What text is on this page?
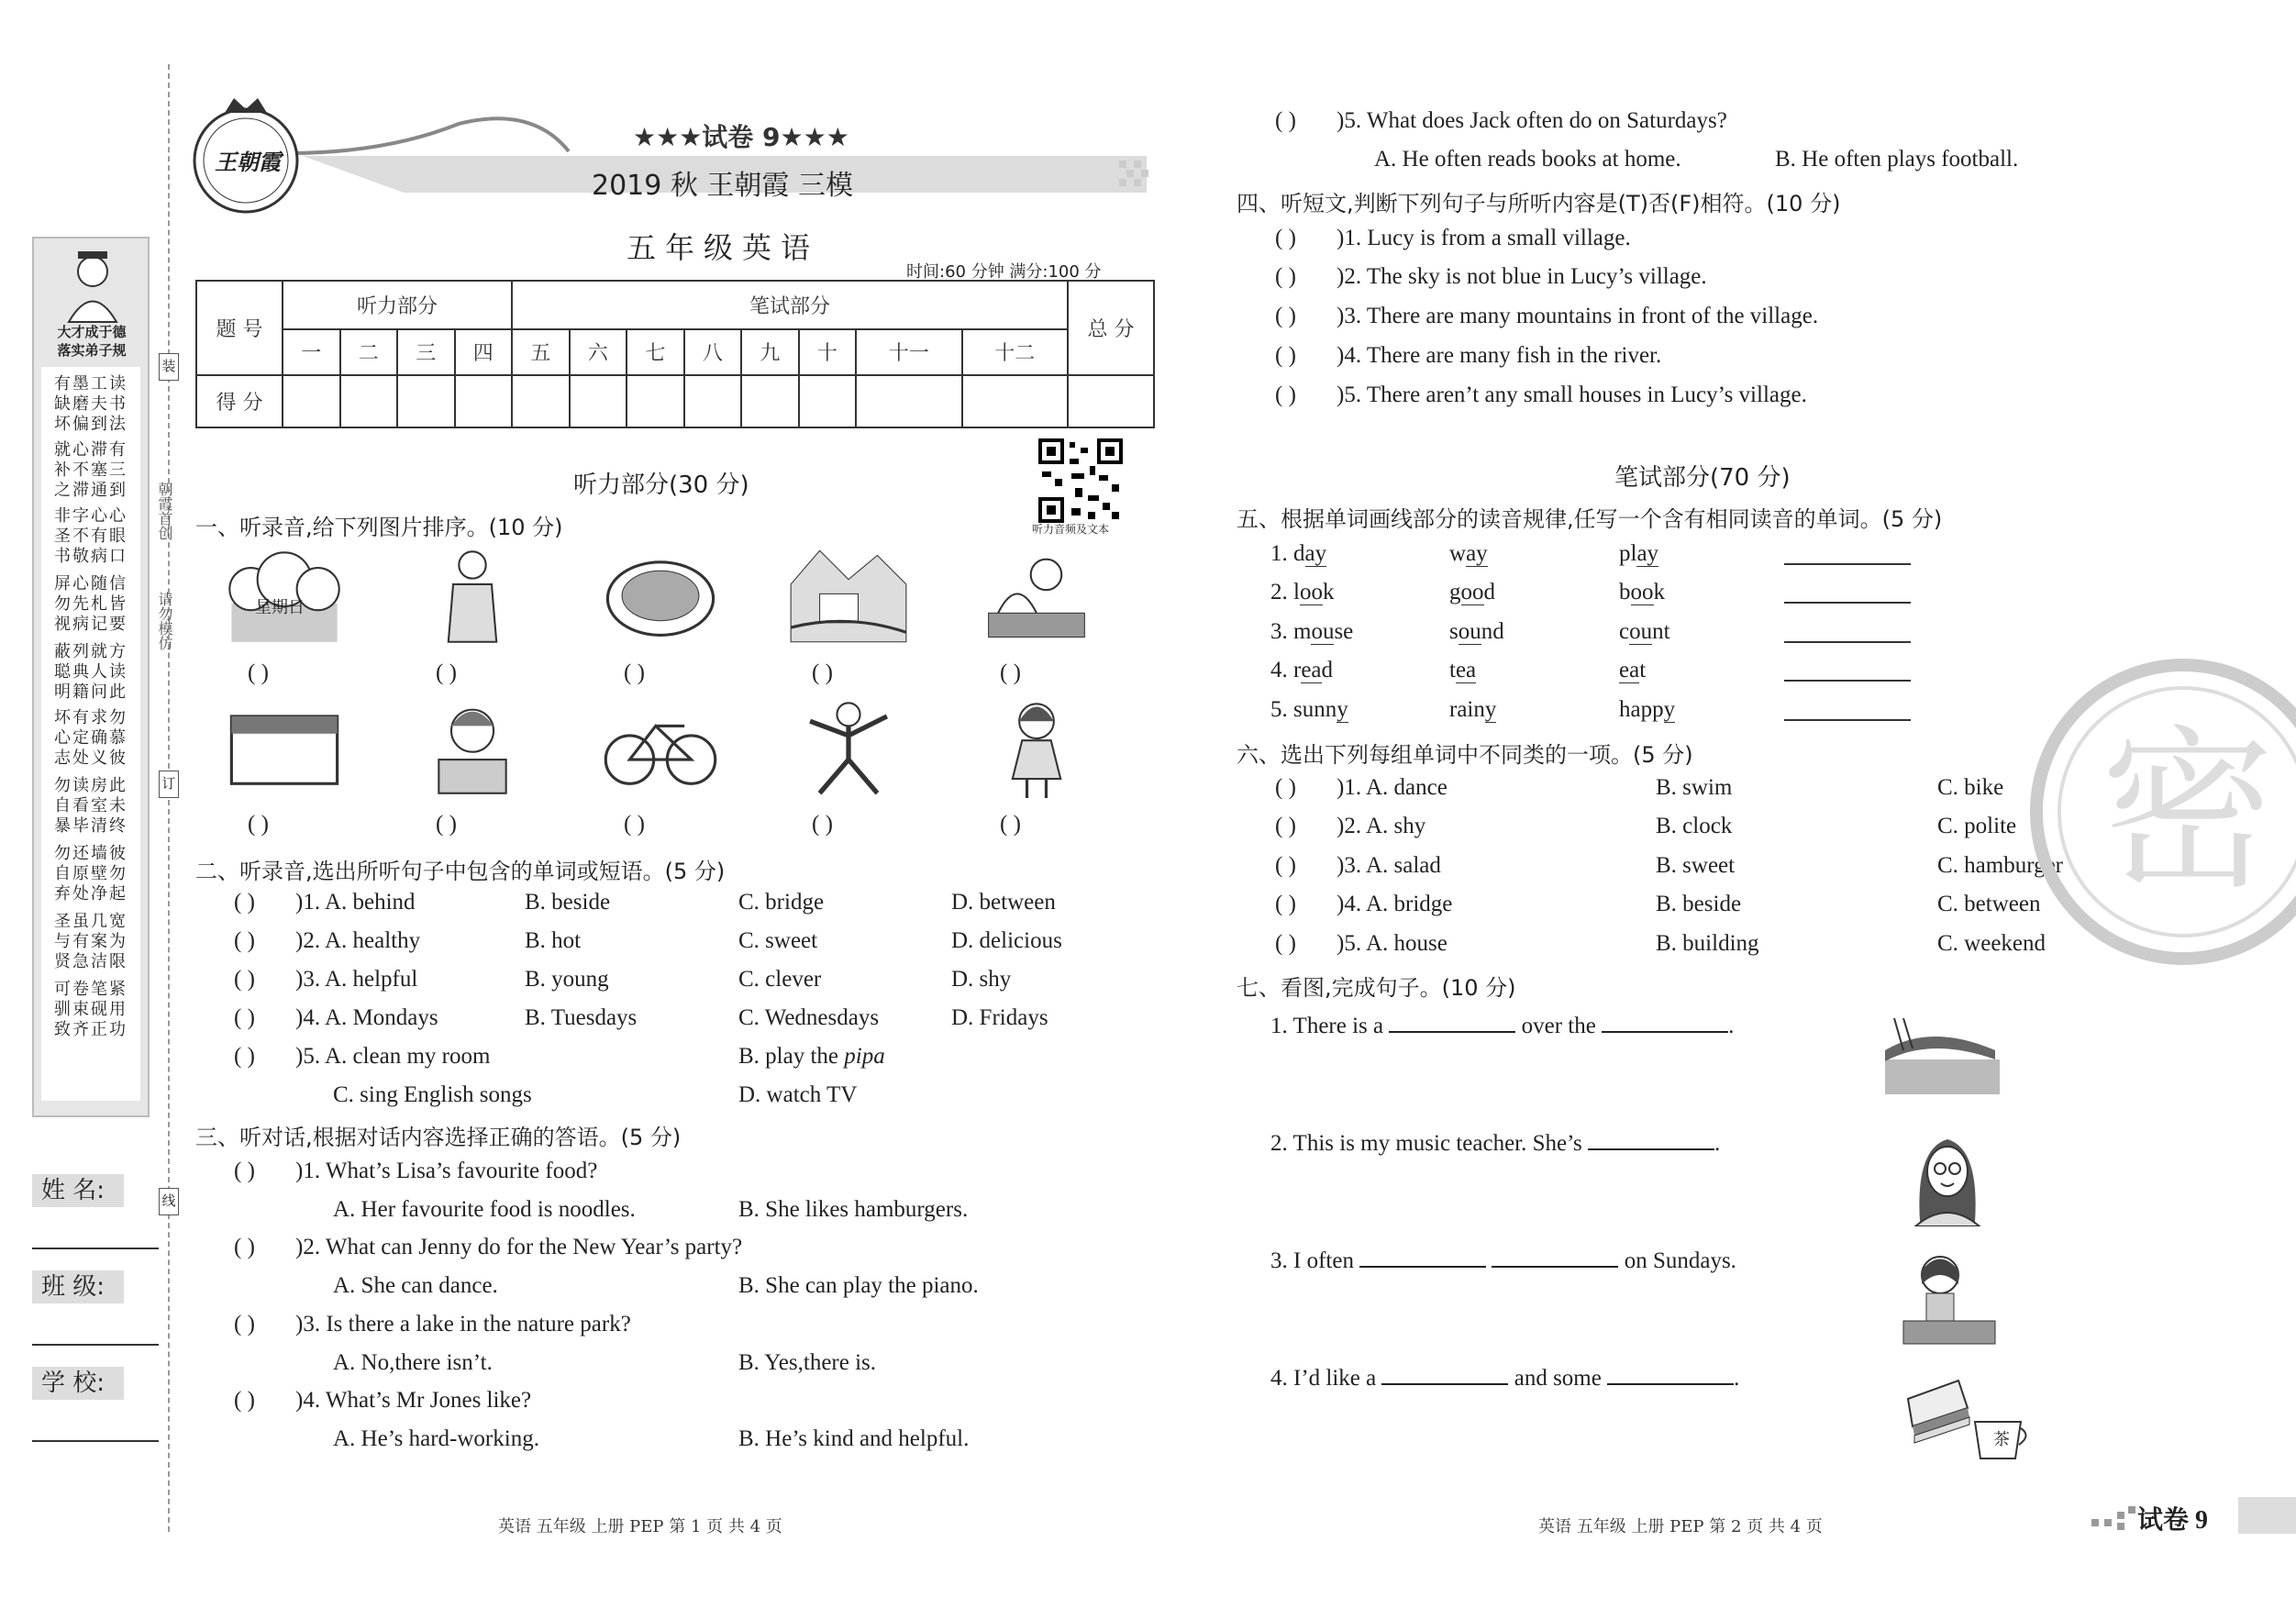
朝霞首创
请勿模仿
装
订
线
大才成于德
落实弟子规
有墨工读
缺磨夫书
坏偏到法
就心滞有
补不塞三
之滞通到
非字心心
圣不有眼
书敬病口
屏心随信
勿先札皆
视病记要
蔽列就方
聪典人读
明籍问此
坏有求勿
心定确慕
志处义彼
勿读房此
自看室未
暴毕清终
勿还墙彼
自原壁勿
弃处净起
圣虽几宽
与有案为
贤急洁限
可卷笔紧
驯束砚用
致齐正功
姓 名:
班 级:
学 校:
王朝霞
★★★试卷 9★★★
2019 秋 王朝霞 三模
五年级英语
时间:60 分钟 满分:100 分
题 号	听力部分				笔试部分								总 分
	一	二	三	四	五	六	七	八	九	十	十一	十二	
得 分													
听力音频及文本
听力部分(30 分)
一、听录音,给下列图片排序。(10 分)
( )	( )	( )	( )	( )
( )	( )	( )	( )	( )
星期日
二、听录音,选出所听句子中包含的单词或短语。(5 分)
( ) )1. A. behind	B. beside	C. bridge	D. between
( ) )2. A. healthy	B. hot	C. sweet	D. delicious
( ) )3. A. helpful	B. young	C. clever	D. shy
( ) )4. A. Mondays	B. Tuesdays	C. Wednesdays	D. Fridays
( ) )5. A. clean my room	B. play the pipa
C. sing English songs	D. watch TV
三、听对话,根据对话内容选择正确的答语。(5 分)
( ) )1. What’s Lisa’s favourite food?
A. Her favourite food is noodles.	B. She likes hamburgers.
( ) )2. What can Jenny do for the New Year’s party?
A. She can dance.	B. She can play the piano.
( ) )3. Is there a lake in the nature park?
A. No,there isn’t.	B. Yes,there is.
( ) )4. What’s Mr Jones like?
A. He’s hard-working.	B. He’s kind and helpful.
英语 五年级 上册 PEP 第 1 页 共 4 页
( ) )5. What does Jack often do on Saturdays?
A. He often reads books at home.	B. He often plays football.
四、听短文,判断下列句子与所听内容是(T)否(F)相符。(10 分)
( ) )1. Lucy is from a small village.
( ) )2. The sky is not blue in Lucy’s village.
( ) )3. There are many mountains in front of the village.
( ) )4. There are many fish in the river.
( ) )5. There aren’t any small houses in Lucy’s village.
笔试部分(70 分)
五、根据单词画线部分的读音规律,任写一个含有相同读音的单词。(5 分)
1. day	way	play
2. look	good	book
3. mouse	sound	count
4. read	tea	eat
5. sunny	rainy	happy
六、选出下列每组单词中不同类的一项。(5 分)
( ) )1. A. dance	B. swim	C. bike
( ) )2. A. shy	B. clock	C. polite
( ) )3. A. salad	B. sweet	C. hamburger
( ) )4. A. bridge	B. beside	C. between
( ) )5. A. house	B. building	C. weekend
七、看图,完成句子。(10 分)
1. There is a	over the	.
2. This is my music teacher. She’s	.
3. I often	on Sundays.
4. I’d like a	and some	.
茶
密
英语 五年级 上册 PEP 第 2 页 共 4 页	试卷 9
